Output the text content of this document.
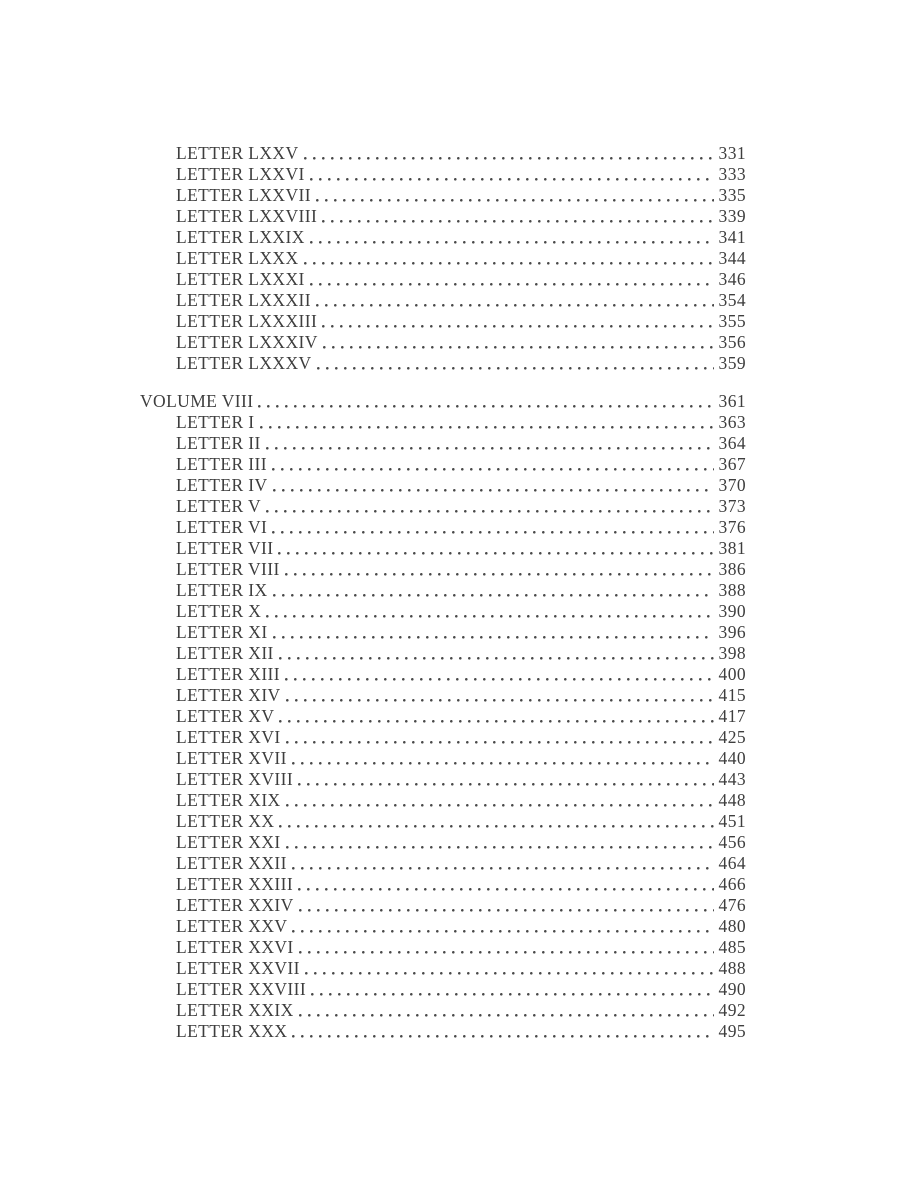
LETTER LXXV	331
LETTER LXXVI	333
LETTER LXXVII	335
LETTER LXXVIII	339
LETTER LXXIX	341
LETTER LXXX	344
LETTER LXXXI	346
LETTER LXXXII	354
LETTER LXXXIII	355
LETTER LXXXIV	356
LETTER LXXXV	359
VOLUME VIII	361
LETTER I	363
LETTER II	364
LETTER III	367
LETTER IV	370
LETTER V	373
LETTER VI	376
LETTER VII	381
LETTER VIII	386
LETTER IX	388
LETTER X	390
LETTER XI	396
LETTER XII	398
LETTER XIII	400
LETTER XIV	415
LETTER XV	417
LETTER XVI	425
LETTER XVII	440
LETTER XVIII	443
LETTER XIX	448
LETTER XX	451
LETTER XXI	456
LETTER XXII	464
LETTER XXIII	466
LETTER XXIV	476
LETTER XXV	480
LETTER XXVI	485
LETTER XXVII	488
LETTER XXVIII	490
LETTER XXIX	492
LETTER XXX	495
